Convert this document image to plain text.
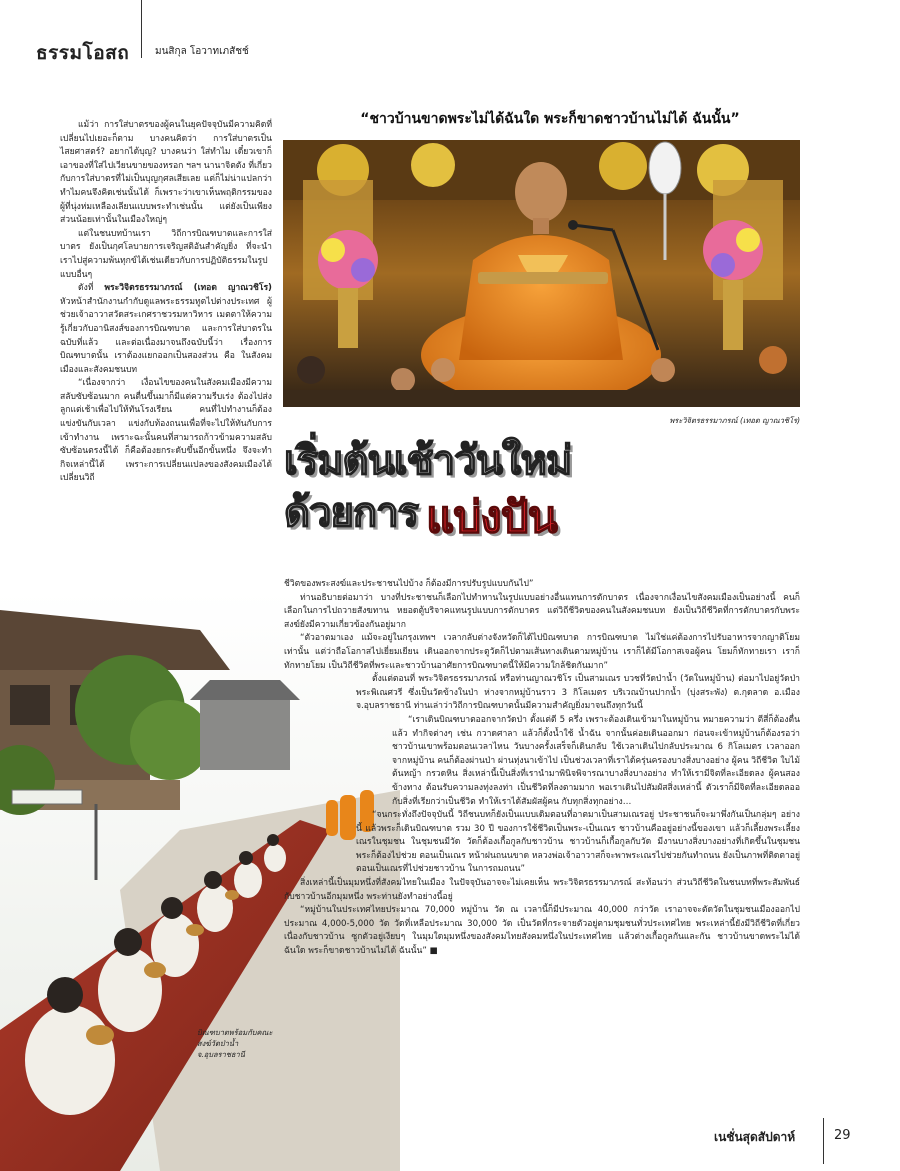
ธรรมโอสถ	มนสิกุล โอวาทเภสัชช์
“ชาวบ้านขาดพระไม่ได้ฉันใด พระก็ขาดชาวบ้านไม่ได้ ฉันนั้น”
พระวิจิตรธรรมาภรณ์ (เทอด ญาณวชิโร)
เริ่มต้นเช้าวันใหม่
ด้วยการ แบ่งปัน

แม้ว่า การใส่บาตรของผู้คนในยุคปัจจุบันมีความคิดที่เปลี่ยนไปเยอะก็ตาม บางคนคิดว่า การใส่บาตรเป็นไสยศาสตร์? อยากได้บุญ? บางคนว่า ใส่ทำไม เดี๋ยวเขาก็เอาของที่ใส่ไปเวียนขายของหรอก ฯลฯ นานาจิตตัง ที่เกี่ยวกับการใส่บาตรที่ไม่เป็นบุญกุศลเสียเลย แต่ก็ไม่น่าแปลกว่าทำไมคนจึงคิดเช่นนั้นได้ ก็เพราะว่าเขาเห็นพฤติกรรมของผู้ที่นุ่งห่มเหลืองเลียนแบบพระทำเช่นนั้น แต่ยังเป็นเพียงส่วนน้อยเท่านั้นในเมืองใหญ่ๆ

แต่ในชนบทบ้านเรา วิถีการบิณฑบาตและการใส่บาตร ยังเป็นกุศโลบายการเจริญสติอันสำคัญยิ่ง ที่จะนำเราไปสู่ความพ้นทุกข์ได้เช่นเดียวกับการปฏิบัติธรรมในรูปแบบอื่นๆ

ดังที่ พระวิจิตรธรรมาภรณ์ (เทอด ญาณวชิโร) หัวหน้าสำนักงานกำกับดูแลพระธรรมทูตไปต่างประเทศ ผู้ช่วยเจ้าอาวาสวัดสระเกศราชวรมหาวิหาร เมตตาให้ความรู้เกี่ยวกับอานิสงส์ของการบิณฑบาต และการใส่บาตรในฉบับที่แล้ว และต่อเนื่องมาจนถึงฉบับนี้ว่า เรื่องการบิณฑบาตนั้น เราต้องแยกออกเป็นสองส่วน คือ ในสังคมเมืองและสังคมชนบท

“เนื่องจากว่า เงื่อนไขของคนในสังคมเมืองมีความสลับซับซ้อนมาก คนตื่นขึ้นมาก็มีแต่ความรีบเร่ง ต้องไปส่งลูกแต่เช้าเพื่อไปให้ทันโรงเรียน คนที่ไปทำงานก็ต้องแข่งขันกับเวลา แข่งกับท้องถนนเพื่อที่จะไปให้ทันกับการเข้าทำงาน เพราะฉะนั้นคนที่สามารถก้าวข้ามความสลับซับซ้อนตรงนี้ได้ ก็คือต้องยกระดับขึ้นอีกขั้นหนึ่ง จึงจะทำกิจเหล่านี้ได้ เพราะการเปลี่ยนแปลงของสังคมเมืองได้เปลี่ยนวิถี

บิณฑบาตพร้อมกับคณะสงฆ์วัดป่าน้ำ จ.อุบลราชธานี

ชีวิตของพระสงฆ์และประชาชนไปบ้าง ก็ต้องมีการปรับรูปแบบกันไป”

ท่านอธิบายต่อมาว่า บางที่ประชาชนก็เลือกไปทำทานในรูปแบบอย่างอื่นแทนการตักบาตร เนื่องจากเงื่อนไขสังคมเมืองเป็นอย่างนี้ คนก็เลือกในการไปถวายสังฆทาน หยอดตู้บริจาคแทนรูปแบบการตักบาตร แต่วิถีชีวิตของคนในสังคมชนบท ยังเป็นวิถีชีวิตที่การตักบาตรกับพระสงฆ์ยังมีความเกี่ยวข้องกันอยู่มาก

“ตัวอาตมาเอง แม้จะอยู่ในกรุงเทพฯ เวลากลับต่างจังหวัดก็ได้ไปบิณฑบาต การบิณฑบาต ไม่ใช่แค่ต้องการไปรับอาหารจากญาติโยมเท่านั้น แต่ว่าถือโอกาสไปเยี่ยมเยียน เดินออกจากประตูวัดก็ไปตามเส้นทางเดินตามหมู่บ้าน เราก็ได้มีโอกาสเจอผู้คน โยมก็ทักทายเรา เราก็ทักทายโยม เป็นวิถีชีวิตที่พระและชาวบ้านอาศัยการบิณฑบาตนี้ให้มีความใกล้ชิดกันมาก”

ตั้งแต่ตอนที่ พระวิจิตรธรรมาภรณ์ หรือท่านญาณวชิโร เป็นสามเณร บวชที่วัดป่าน้ำ (วัดในหมู่บ้าน) ต่อมาไปอยู่วัดป่าพระพิเณศวรี ซึ่งเป็นวัดข้างในป่า ห่างจากหมู่บ้านราว 3 กิโลเมตร บริเวณบ้านปากน้ำ (บุ่งสระพัง) ต.กุดลาด อ.เมือง จ.อุบลราชธานี ท่านเล่าว่าวิถีการบิณฑบาตนั้นมีความสำคัญยิ่งมาจนถึงทุกวันนี้

“เราเดินบิณฑบาตออกจากวัดป่า ตั้งแต่ตี 5 ครึ่ง เพราะต้องเดินเข้ามาในหมู่บ้าน หมายความว่า ตีสี่ก็ต้องตื่นแล้ว ทำกิจต่างๆ เช่น กวาดศาลา แล้วก็ตั้งน้ำใช้ น้ำฉัน จากนั้นค่อยเดินออกมา ก่อนจะเข้าหมู่บ้านก็ต้องรอว่าชาวบ้านเขาพร้อมตอนเวลาไหน วันบางครั้งเสร็จก็เดินกลับ ใช้เวลาเดินไปกลับประมาณ 6 กิโลเมตร เวลาออกจากหมู่บ้าน คนก็ต้องผ่านป่า ผ่านทุ่งนาเข้าไป เป็นช่วงเวลาที่เราได้ครุ่นครองบางสิ่งบางอย่าง ผู้คน วิถีชีวิต ใบไม้ ต้นหญ้า กรวดหิน สิ่งเหล่านี้เป็นสิ่งที่เรานำมาพินิจพิจารณาบางสิ่งบางอย่าง ทำให้เรามีจิตที่ละเอียดลง ผู้คนสองข้างทาง ต้อนรับความลงทุ่งลงท่า เป็นชีวิตที่ลงตามมาก พอเราเดินไปสัมผัสสิ่งเหล่านี้ ตัวเราก็มีจิตที่ละเอียดลออกับสิ่งที่เรียกว่าเป็นชีวิต ทำให้เราได้สัมผัสผู้คน กับทุกสิ่งทุกอย่าง…

“จนกระทั่งถึงปัจจุบันนี้ วิถีชนบทก็ยังเป็นแบบเดิมตอนที่อาตมาเป็นสามเณรอยู่ ประชาชนก็จะมาพึ่งกันเป็นกลุ่มๆ อย่างนี้ แล้วพระก็เดินบิณฑบาต รวม 30 ปี ของการใช้ชีวิตเป็นพระ-เป็นเณร ชาวบ้านคืออยู่อย่างนี้ของเขา แล้วก็เลี้ยงพระเลี้ยงเณรในชุมชน ในชุมชนมีวัด วัดก็ต้องเกื้อกูลกับชาวบ้าน ชาวบ้านก็เกื้อกูลกับวัด มีงานบางสิ่งบางอย่างที่เกิดขึ้นในชุมชน พระก็ต้องไปช่วย ตอนเป็นเณร หน้าฝนถนนขาด หลวงพ่อเจ้าอาวาสก็จะพาพระเณรไปช่วยกันทำถนน ยังเป็นภาพที่ติดตาอยู่ตอนเป็นเณรที่ไปช่วยชาวบ้าน ในการถมถนน”

สิ่งเหล่านี้เป็นมุมหนึ่งที่สังคมไทยในเมือง ในปัจจุบันอาจจะไม่เคยเห็น พระวิจิตรธรรมาภรณ์ สะท้อนว่า ส่วนวิถีชีวิตในชนบทที่พระสัมพันธ์กับชาวบ้านอีกมุมหนึ่ง พระท่านยังทำอย่างนี้อยู่

“หมู่บ้านในประเทศไทยประมาณ 70,000 หมู่บ้าน วัด ณ เวลานี้ก็มีประมาณ 40,000 กว่าวัด เราอาจจะตัดวัดในชุมชนเมืองออกไป ประมาณ 4,000-5,000 วัด วัดที่เหลือประมาณ 30,000 วัด เป็นวัดที่กระจายตัวอยู่ตามชุมชนทั่วประเทศไทย พระเหล่านี้ยังมีวิถีชีวิตที่เกี่ยวเนื่องกับชาวบ้าน ซูกตัวอยู่เงียบๆ ในมุมใดมุมหนึ่งของสังคมไทยสังคมหนึ่งในประเทศไทย แล้วต่างเกื้อกูลกันและกัน ชาวบ้านขาดพระไม่ได้ฉันใด พระก็ขาดชาวบ้านไม่ได้ ฉันนั้น” ■

เนชั่นสุดสัปดาห์	29
